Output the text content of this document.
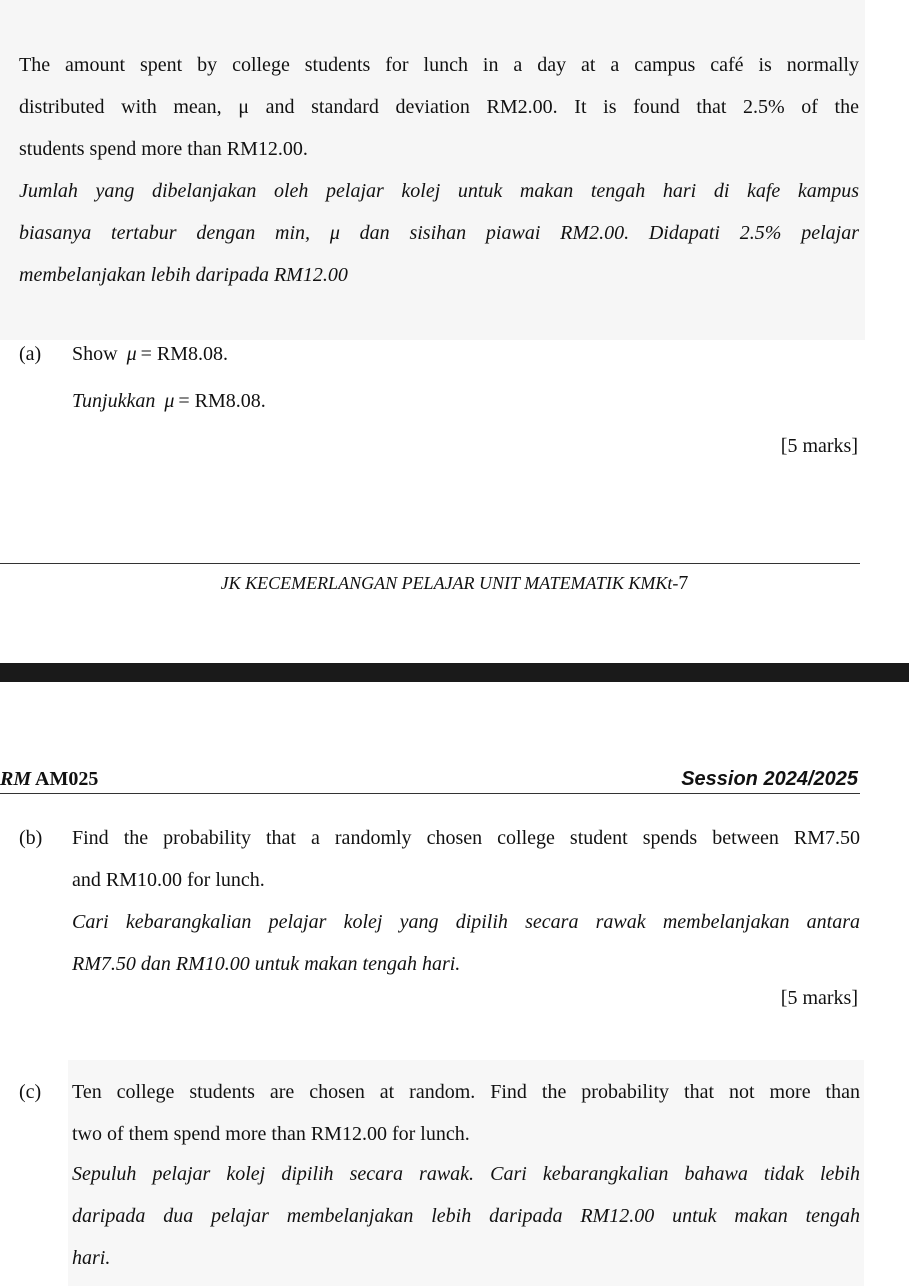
The amount spent by college students for lunch in a day at a campus café is normally
distributed with mean, μ and standard deviation RM2.00. It is found that 2.5% of the
students spend more than RM12.00.

Jumlah yang dibelanjakan oleh pelajar kolej untuk makan tengah hari di kafe kampus
biasanya tertabur dengan min, μ dan sisihan piawai RM2.00. Didapati 2.5% pelajar
membelanjakan lebih daripada RM12.00

(a) Show μ = RM8.08.
Tunjukkan μ = RM8.08.
[5 marks]
JK KECEMERLANGAN PELAJAR UNIT MATEMATIK KMKt-7
RM AM025	Session 2024/2025
(b) Find the probability that a randomly chosen college student spends between RM7.50
and RM10.00 for lunch.

Cari kebarangkalian pelajar kolej yang dipilih secara rawak membelanjakan antara
RM7.50 dan RM10.00 untuk makan tengah hari.

[5 marks]
(c) Ten college students are chosen at random. Find the probability that not more than
two of them spend more than RM12.00 for lunch.

Sepuluh pelajar kolej dipilih secara rawak. Cari kebarangkalian bahawa tidak lebih
daripada dua pelajar membelanjakan lebih daripada RM12.00 untuk makan tengah
hari.
